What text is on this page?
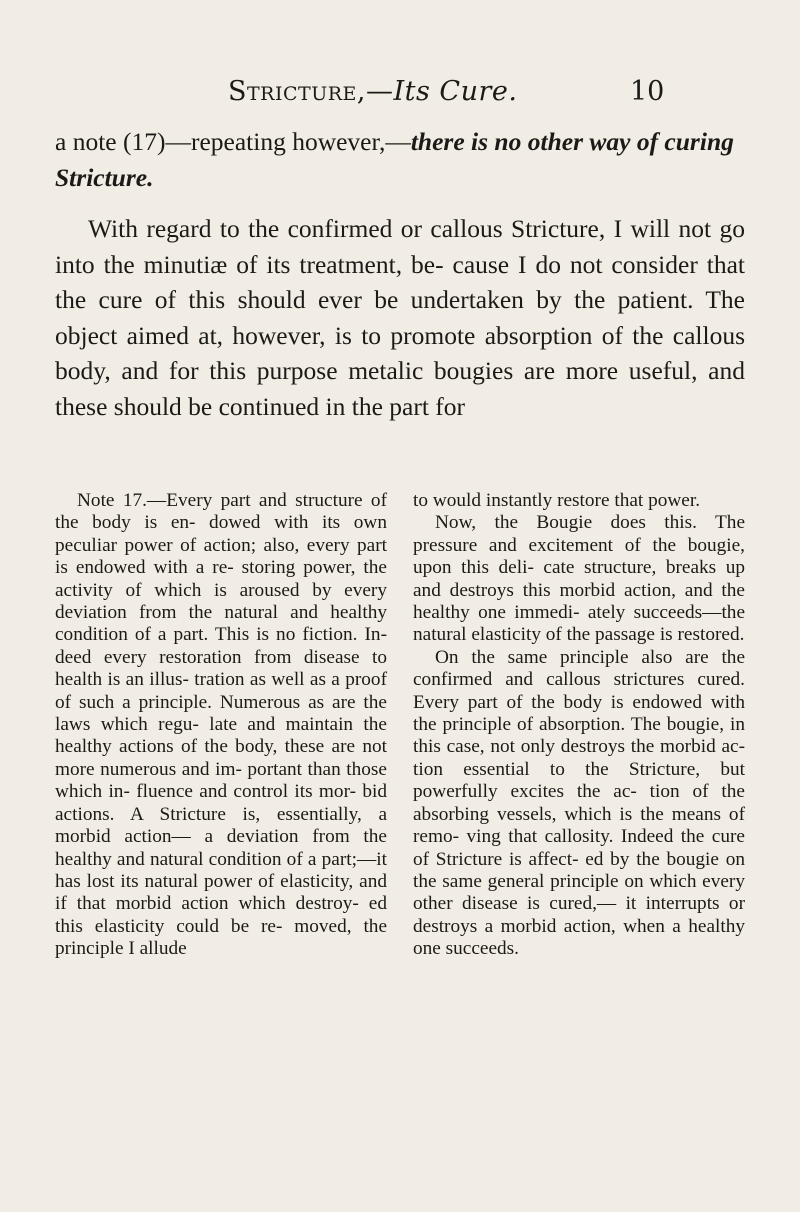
Stricture,—Its Cure.	10

a note (17)—repeating however,—there is no other way of curing Stricture.

With regard to the confirmed or callous Stricture, I will not go into the minutiæ of its treatment, be- cause I do not consider that the cure of this should ever be undertaken by the patient. The object aimed at, however, is to promote absorption of the callous body, and for this purpose metalic bougies are more useful, and these should be continued in the part for

Note 17.—Every part and structure of the body is en- dowed with its own peculiar power of action; also, every part is endowed with a re- storing power, the activity of which is aroused by every deviation from the natural and healthy condition of a part. This is no fiction. In- deed every restoration from disease to health is an illus- tration as well as a proof of such a principle. Numerous as are the laws which regu- late and maintain the healthy actions of the body, these are not more numerous and im- portant than those which in- fluence and control its mor- bid actions. A Stricture is, essentially, a morbid action— a deviation from the healthy and natural condition of a part;—it has lost its natural power of elasticity, and if that morbid action which destroy- ed this elasticity could be re- moved, the principle I allude

to would instantly restore that power.

Now, the Bougie does this. The pressure and excitement of the bougie, upon this deli- cate structure, breaks up and destroys this morbid action, and the healthy one immedi- ately succeeds—the natural elasticity of the passage is restored.

On the same principle also are the confirmed and callous strictures cured. Every part of the body is endowed with the principle of absorption. The bougie, in this case, not only destroys the morbid ac- tion essential to the Stricture, but powerfully excites the ac- tion of the absorbing vessels, which is the means of remo- ving that callosity. Indeed the cure of Stricture is affect- ed by the bougie on the same general principle on which every other disease is cured,— it interrupts or destroys a morbid action, when a healthy one succeeds.
